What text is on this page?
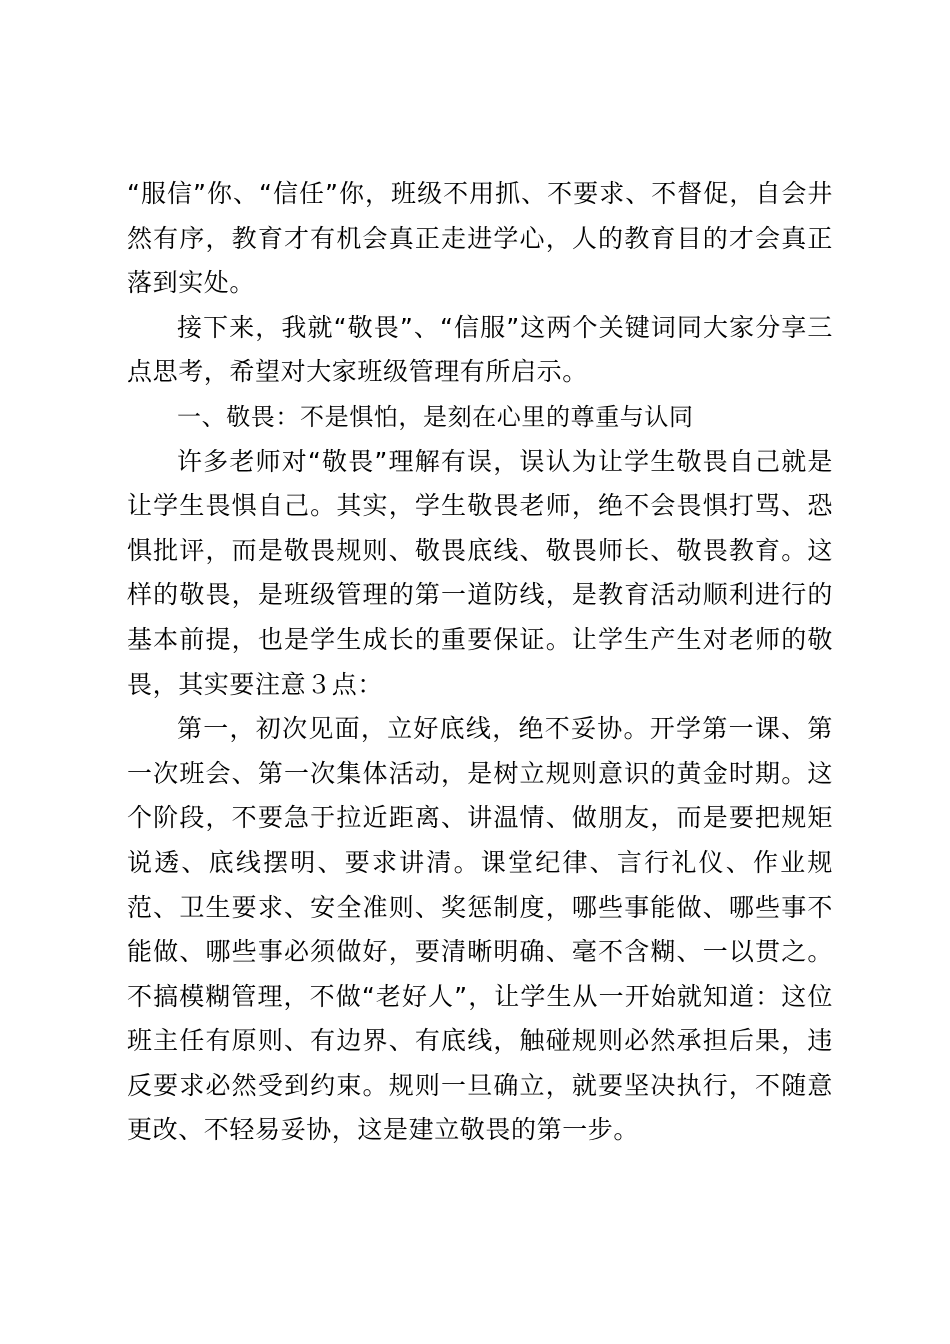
“服信”你、“信任”你，班级不用抓、不要求、不督促，自会井然有序，教育才有机会真正走进学心，人的教育目的才会真正落到实处。

接下来，我就“敬畏”、“信服”这两个关键词同大家分享三点思考，希望对大家班级管理有所启示。

一、敬畏：不是惧怕，是刻在心里的尊重与认同

许多老师对“敬畏”理解有误，误认为让学生敬畏自己就是让学生畏惧自己。其实，学生敬畏老师，绝不会畏惧打骂、恐惧批评，而是敬畏规则、敬畏底线、敬畏师长、敬畏教育。这样的敬畏，是班级管理的第一道防线，是教育活动顺利进行的基本前提，也是学生成长的重要保证。让学生产生对老师的敬畏，其实要注意３点：

第一，初次见面，立好底线，绝不妥协。开学第一课、第一次班会、第一次集体活动，是树立规则意识的黄金时期。这个阶段，不要急于拉近距离、讲温情、做朋友，而是要把规矩说透、底线摆明、要求讲清。课堂纪律、言行礼仪、作业规范、卫生要求、安全准则、奖惩制度，哪些事能做、哪些事不能做、哪些事必须做好，要清晰明确、毫不含糊、一以贯之。不搞模糊管理，不做“老好人”，让学生从一开始就知道：这位班主任有原则、有边界、有底线，触碰规则必然承担后果，违反要求必然受到约束。规则一旦确立，就要坚决执行，不随意更改、不轻易妥协，这是建立敬畏的第一步。
